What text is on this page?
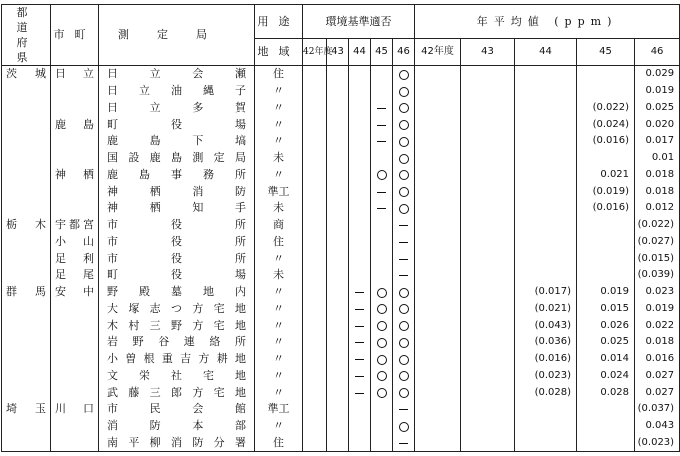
都道府県	市町	測定局	用途	環境基準適否					年平均値 (ppm)				
			地域	42年度	43	44	45	46	42年度	43	44	45	46
茨城	日立	日立会瀬	住										0.029
		日立油縄子	〃										0.019
		日立多賀	〃									(0.022)	0.025
	鹿島	町役場	〃									(0.024)	0.020
		鹿島下塙	〃									(0.016)	0.017
		国設鹿島測定局	未										0.01
	神栖	鹿島事務所	〃									0.021	0.018
		神栖消防	準工									(0.019)	0.018
		神栖知手	未									(0.016)	0.012
栃木	宇都宮	市役所	商										(0.022)
	小山	市役所	住										(0.027)
	足利	市役所	〃										(0.015)
	足尾	町役場	未										(0.039)
群馬	安中	野殿墓地内	〃								(0.017)	0.019	0.023
		大塚志つ方宅地	〃								(0.021)	0.015	0.019
		木村三野方宅地	〃								(0.043)	0.026	0.022
		岩野谷連絡所	〃								(0.036)	0.025	0.018
		小曽根重吉方耕地	〃								(0.016)	0.014	0.016
		文栄社宅地	〃								(0.023)	0.024	0.027
		武藤三郎方宅地	〃								(0.028)	0.028	0.027
埼玉	川口	市民会館	準工										(0.037)
		消防本部	〃										0.043
		南平柳消防分署	住										(0.023)
